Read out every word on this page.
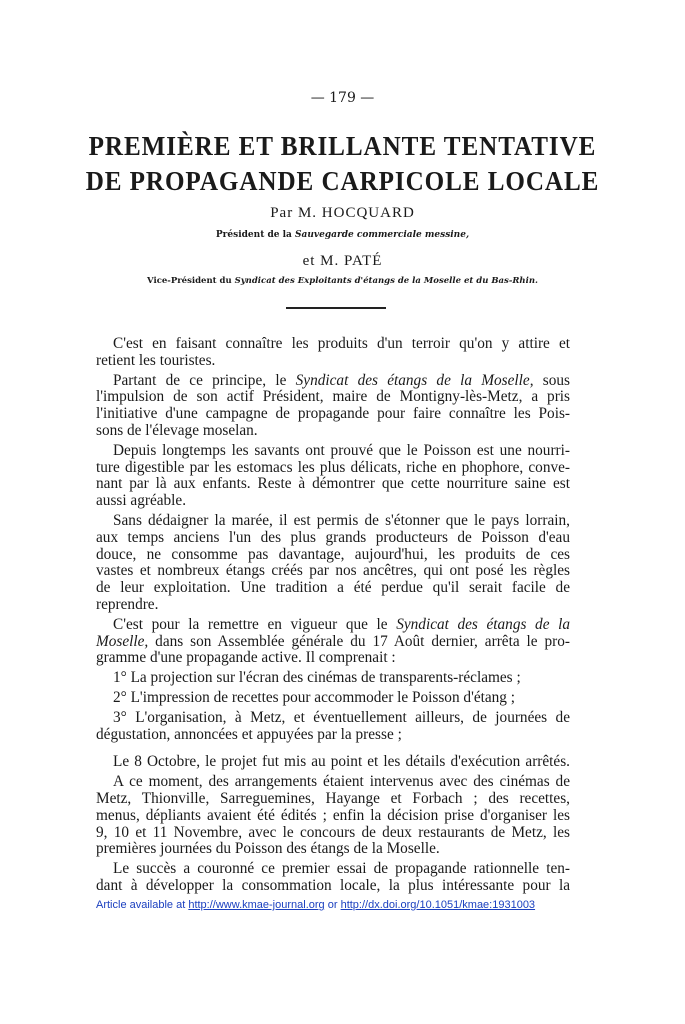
— 179 —
PREMIÈRE ET BRILLANTE TENTATIVE
DE PROPAGANDE CARPICOLE LOCALE
Par M. HOCQUARD
Président de la Sauvegarde commerciale messine,
et M. PATÉ
Vice-Président du Syndicat des Exploitants d'étangs de la Moselle et du Bas-Rhin.
C'est en faisant connaître les produits d'un terroir qu'on y attire et
retient les touristes.
Partant de ce principe, le Syndicat des étangs de la Moselle, sous
l'impulsion de son actif Président, maire de Montigny-lès-Metz, a pris
l'initiative d'une campagne de propagande pour faire connaître les Pois-
sons de l'élevage moselan.
Depuis longtemps les savants ont prouvé que le Poisson est une nourri-
ture digestible par les estomacs les plus délicats, riche en phophore, conve-
nant par là aux enfants. Reste à démontrer que cette nourriture saine est
aussi agréable.
Sans dédaigner la marée, il est permis de s'étonner que le pays lorrain,
aux temps anciens l'un des plus grands producteurs de Poisson d'eau
douce, ne consomme pas davantage, aujourd'hui, les produits de ces
vastes et nombreux étangs créés par nos ancêtres, qui ont posé les règles
de leur exploitation. Une tradition a été perdue qu'il serait facile de
reprendre.
C'est pour la remettre en vigueur que le Syndicat des étangs de la
Moselle, dans son Assemblée générale du 17 Août dernier, arrêta le pro-
gramme d'une propagande active. Il comprenait :
1° La projection sur l'écran des cinémas de transparents-réclames ;
2° L'impression de recettes pour accommoder le Poisson d'étang ;
3° L'organisation, à Metz, et éventuellement ailleurs, de journées de
dégustation, annoncées et appuyées par la presse ;
Le 8 Octobre, le projet fut mis au point et les détails d'exécution arrêtés.
A ce moment, des arrangements étaient intervenus avec des cinémas de
Metz, Thionville, Sarreguemines, Hayange et Forbach ; des recettes,
menus, dépliants avaient été édités ; enfin la décision prise d'organiser les
9, 10 et 11 Novembre, avec le concours de deux restaurants de Metz, les
premières journées du Poisson des étangs de la Moselle.
Le succès a couronné ce premier essai de propagande rationnelle ten-
dant à développer la consommation locale, la plus intéressante pour la
Article available at http://www.kmae-journal.org or http://dx.doi.org/10.1051/kmae:1931003
